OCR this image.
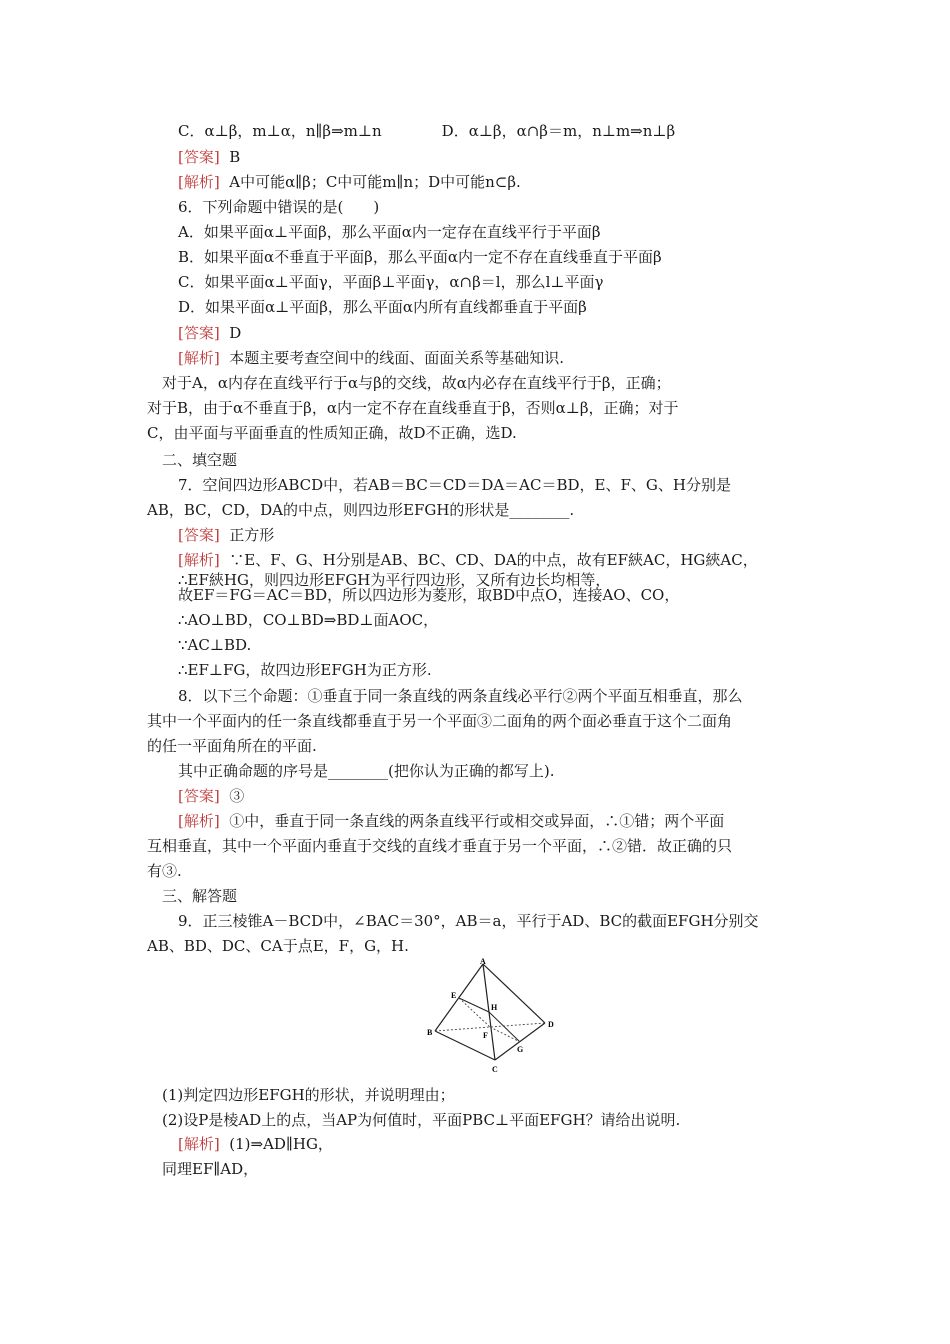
C．α⊥β，m⊥α，n∥β⇒m⊥n　　　　D．α⊥β，α∩β＝m，n⊥m⇒n⊥β
[答案] B
[解析] A中可能α∥β；C中可能m∥n；D中可能n⊂β.
6．下列命题中错误的是(　　)
A．如果平面α⊥平面β，那么平面α内一定存在直线平行于平面β
B．如果平面α不垂直于平面β，那么平面α内一定不存在直线垂直于平面β
C．如果平面α⊥平面γ，平面β⊥平面γ，α∩β＝l，那么l⊥平面γ
D．如果平面α⊥平面β，那么平面α内所有直线都垂直于平面β
[答案] D
[解析] 本题主要考查空间中的线面、面面关系等基础知识.
对于A，α内存在直线平行于α与β的交线，故α内必存在直线平行于β，正确；
对于B，由于α不垂直于β，α内一定不存在直线垂直于β，否则α⊥β，正确；对于
C，由平面与平面垂直的性质知正确，故D不正确，选D.
二、填空题
7．空间四边形ABCD中，若AB＝BC＝CD＝DA＝AC＝BD，E、F、G、H分别是
AB，BC，CD，DA的中点，则四边形EFGH的形状是________.
[答案] 正方形
[解析] ∵E、F、G、H分别是AB、BC、CD、DA的中点，故有EF綊AC，HG綊AC，
∴EF綊HG，则四边形EFGH为平行四边形，又所有边长均相等，
故EF＝FG＝AC＝BD，所以四边形为菱形，取BD中点O，连接AO、CO，
∴AO⊥BD，CO⊥BD⇒BD⊥面AOC，
∵AC⊥BD.
∴EF⊥FG，故四边形EFGH为正方形.
8．以下三个命题：①垂直于同一条直线的两条直线必平行②两个平面互相垂直，那么
其中一个平面内的任一条直线都垂直于另一个平面③二面角的两个面必垂直于这个二面角
的任一平面角所在的平面.
其中正确命题的序号是________(把你认为正确的都写上).
[答案] ③
[解析] ①中，垂直于同一条直线的两条直线平行或相交或异面，∴①错；两个平面
互相垂直，其中一个平面内垂直于交线的直线才垂直于另一个平面，∴②错．故正确的只
有③.
三、解答题
9．正三棱锥A－BCD中，∠BAC＝30°，AB＝a，平行于AD、BC的截面EFGH分别交
AB、BD、DC、CA于点E，F，G，H.
A
B
C
D
E
F
G
H
(1)判定四边形EFGH的形状，并说明理由；
(2)设P是棱AD上的点，当AP为何值时，平面PBC⊥平面EFGH？请给出说明.
[解析] (1)⇒AD∥HG，
同理EF∥AD，
